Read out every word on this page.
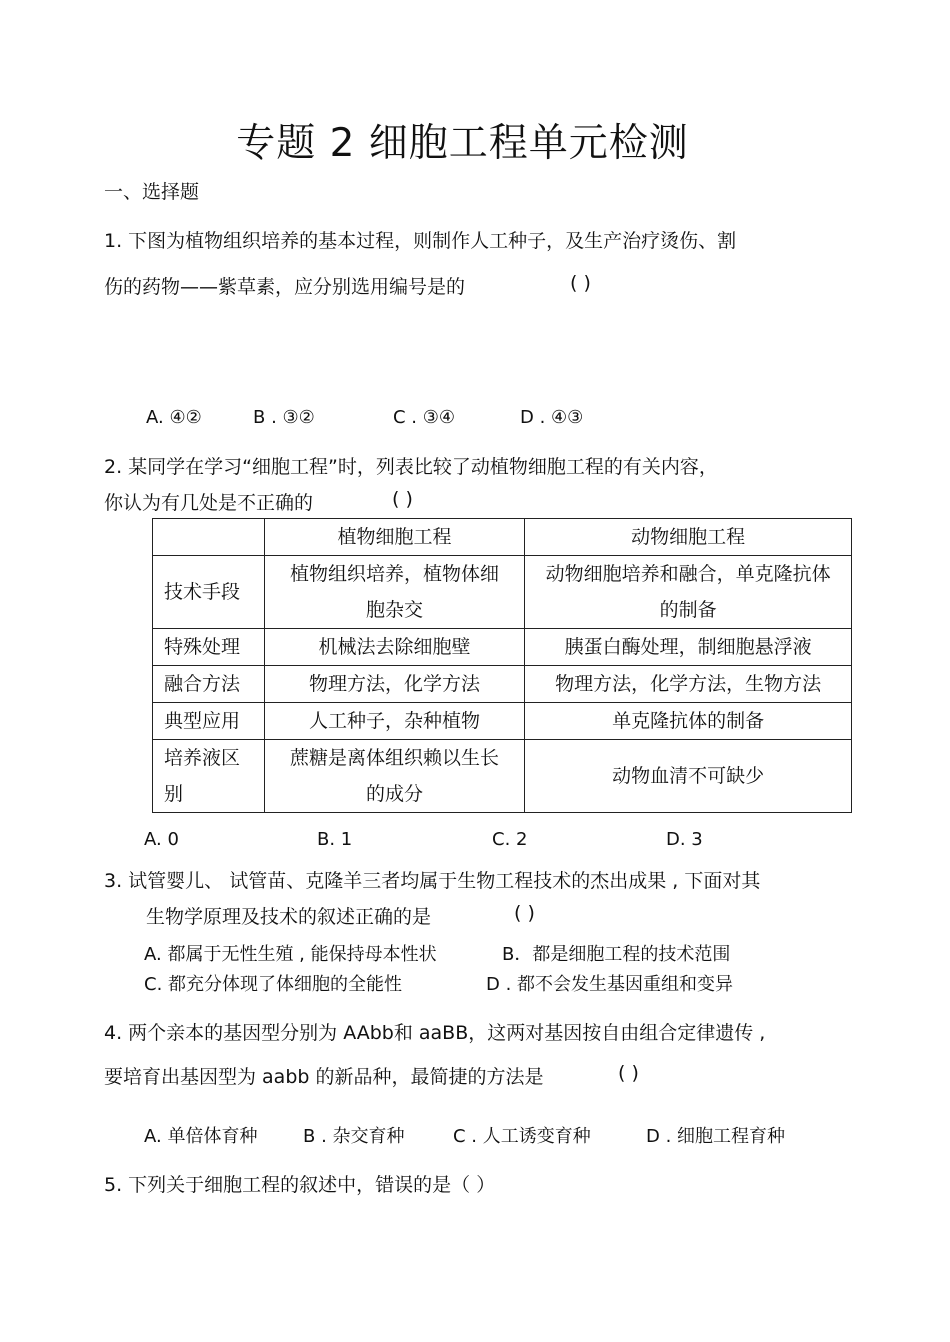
专题 2 细胞工程单元检测
一、选择题
1. 下图为植物组织培养的基本过程，则制作人工种子，及生产治疗烫伤、割
伤的药物——紫草素，应分别选用编号是的	( )
A. ④②	B . ③②	C . ③④	D . ④③
2. 某同学在学习“细胞工程”时，列表比较了动植物细胞工程的有关内容，
你认为有几处是不正确的	( )
	植物细胞工程	动物细胞工程
技术手段	植物组织培养，植物体细胞杂交	动物细胞培养和融合，单克隆抗体的制备

特殊处理	机械法去除细胞壁	胰蛋白酶处理，制细胞悬浮液
融合方法	物理方法，化学方法	物理方法，化学方法，生物方法
典型应用	人工种子，杂种植物	单克隆抗体的制备

培养液区别	蔗糖是离体组织赖以生长的成分	动物血清不可缺少
A. 0	B. 1	C. 2	D. 3
3. 试管婴儿、 试管苗、克隆羊三者均属于生物工程技术的杰出成果 , 下面对其
生物学原理及技术的叙述正确的是	( )
A. 都属于无性生殖 , 能保持母本性状	B．都是细胞工程的技术范围
C. 都充分体现了体细胞的全能性	D . 都不会发生基因重组和变异
4. 两个亲本的基因型分别为 AAbb和 aaBB，这两对基因按自由组合定律遗传 ,
要培育出基因型为 aabb 的新品种，最简捷的方法是	( )
A. 单倍体育种	B . 杂交育种	C . 人工诱变育种	D . 细胞工程育种
5. 下列关于细胞工程的叙述中，错误的是（ ）
